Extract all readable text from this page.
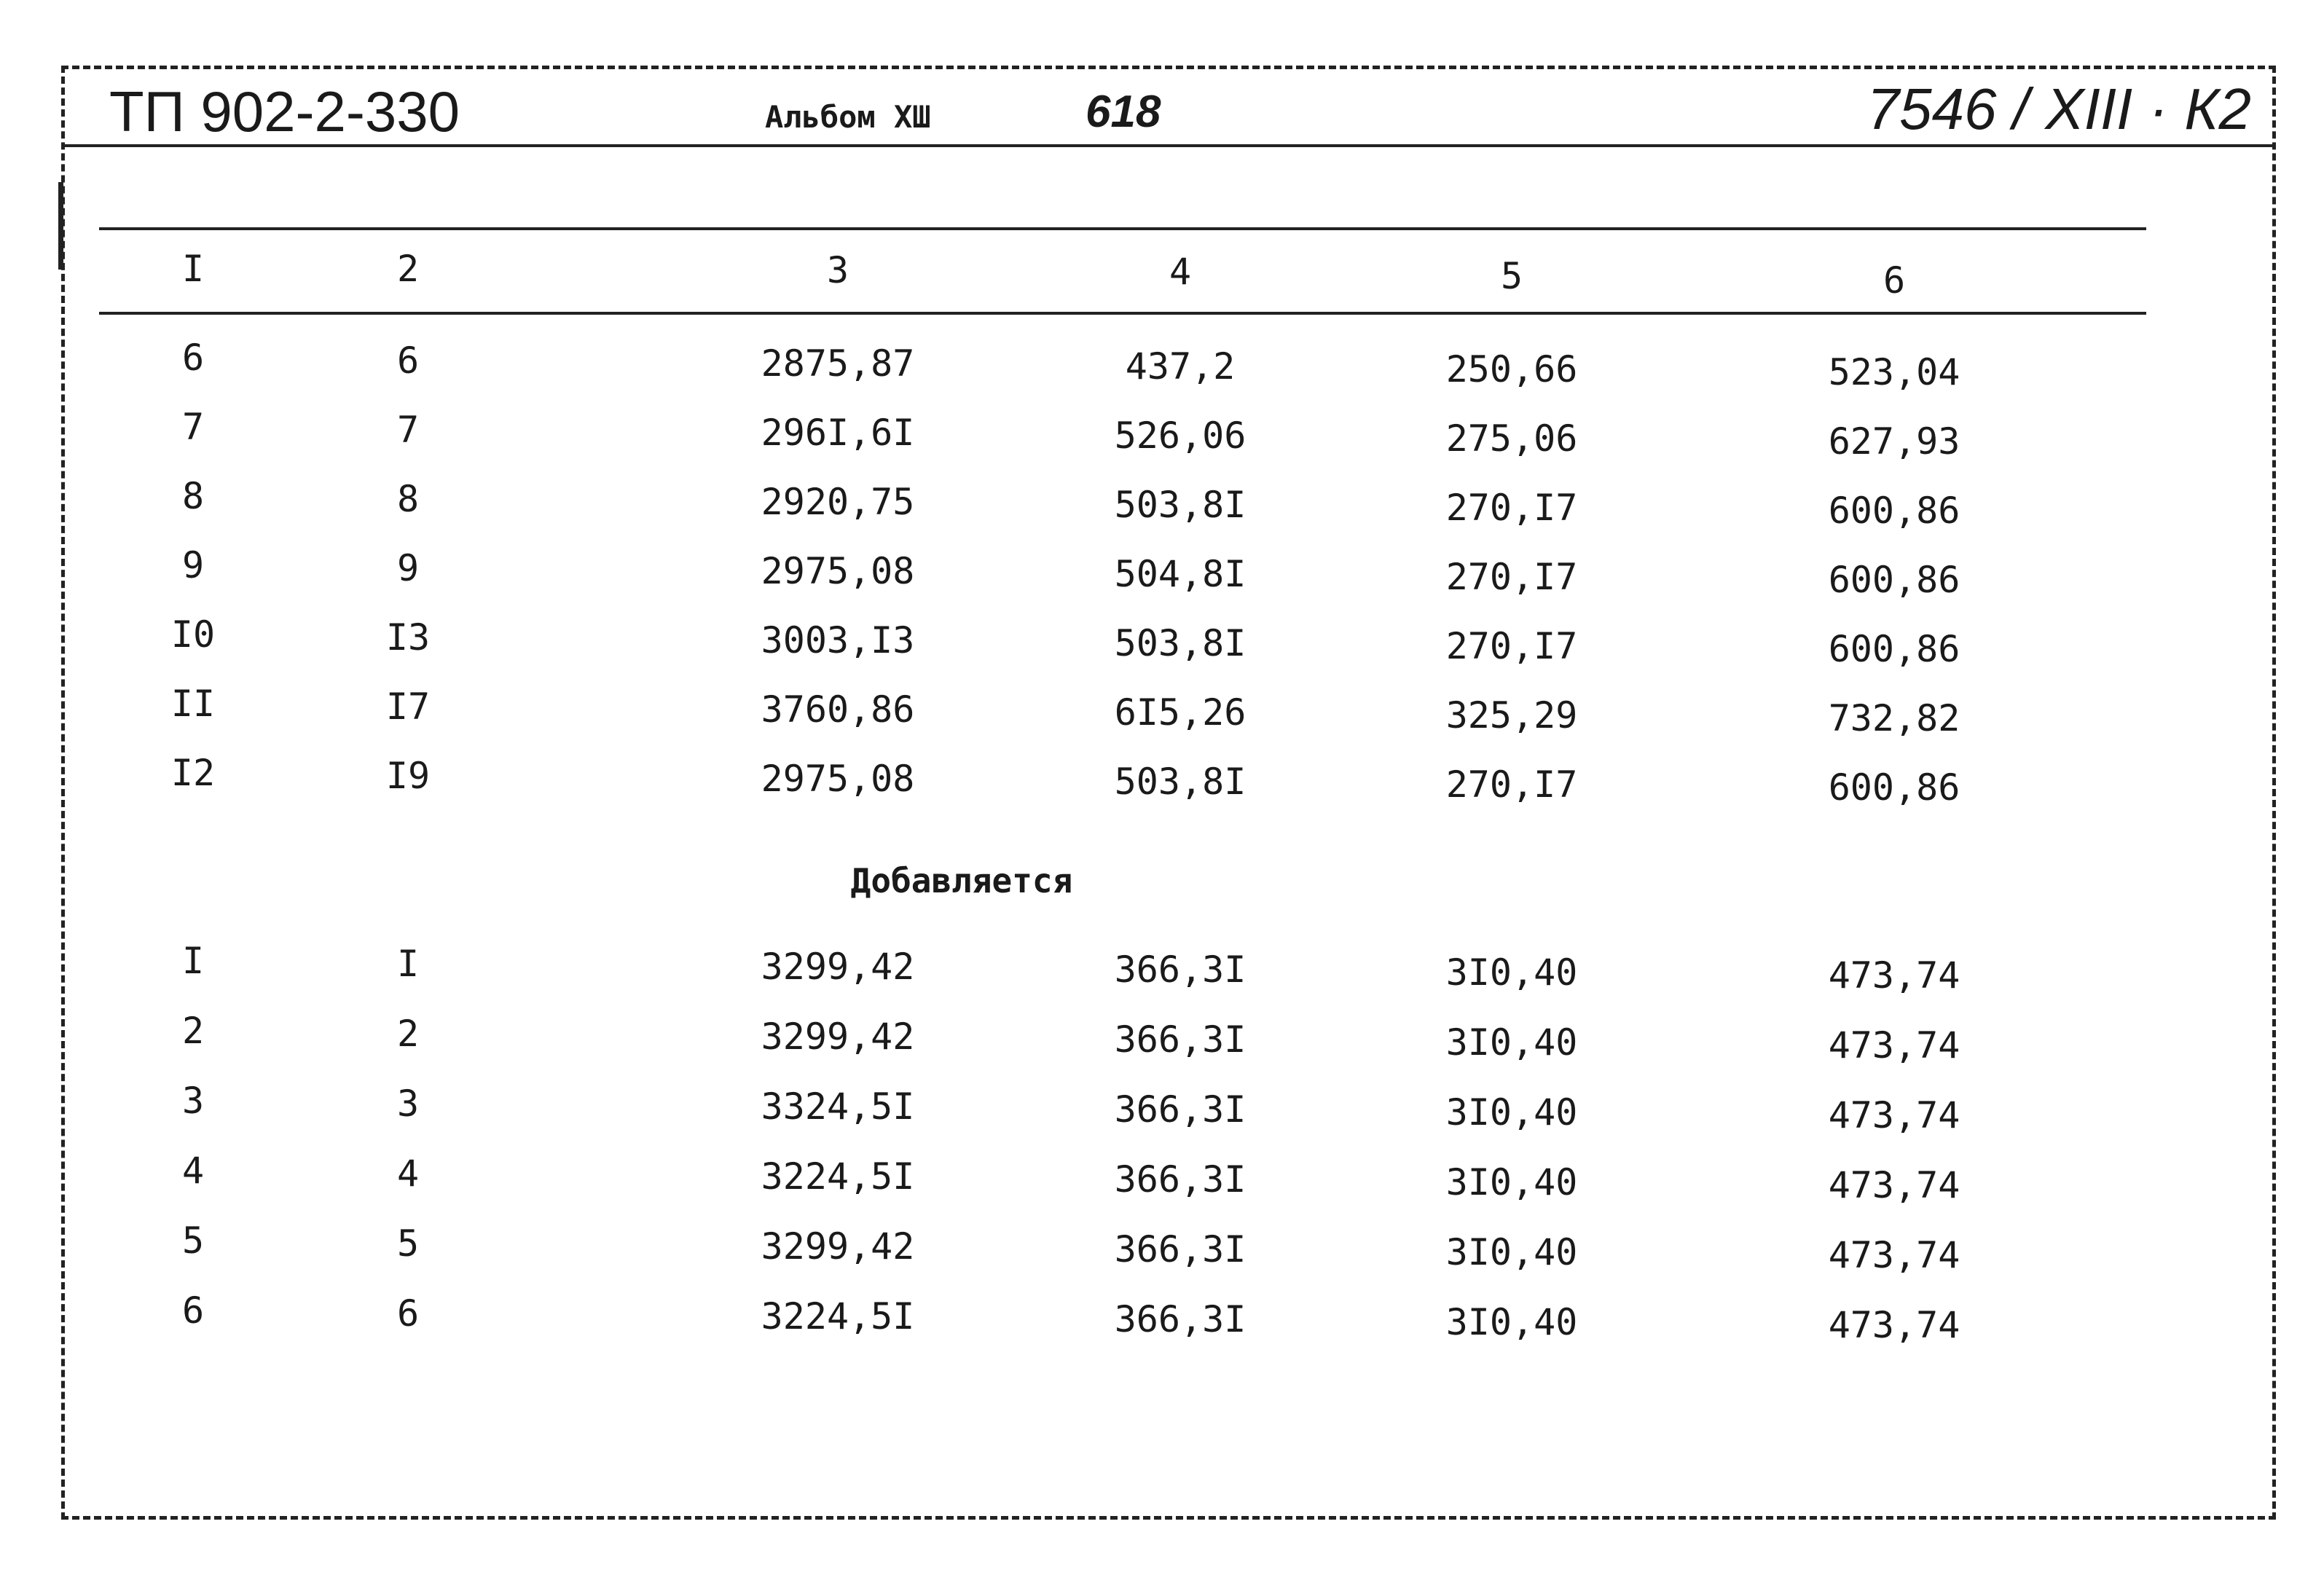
ТП 902-2-330	Альбом XШ	618	7546 / XIII · К2
I	2	3	4	5	6
6	6	2875,87	437,2	250,66	523,04
7	7	296I,6I	526,06	275,06	627,93
8	8	2920,75	503,8I	270,I7	600,86
9	9	2975,08	504,8I	270,I7	600,86
I0	I3	3003,I3	503,8I	270,I7	600,86
II	I7	3760,86	6I5,26	325,29	732,82
I2	I9	2975,08	503,8I	270,I7	600,86
Добавляется
I	I	3299,42	366,3I	3I0,40	473,74
2	2	3299,42	366,3I	3I0,40	473,74
3	3	3324,5I	366,3I	3I0,40	473,74
4	4	3224,5I	366,3I	3I0,40	473,74
5	5	3299,42	366,3I	3I0,40	473,74
6	6	3224,5I	366,3I	3I0,40	473,74
